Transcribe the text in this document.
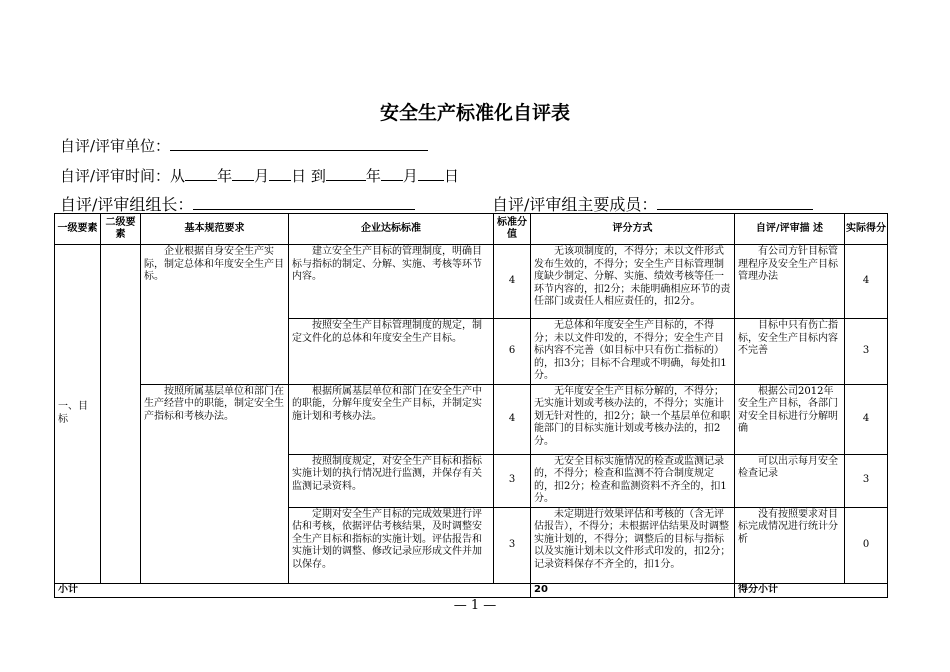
安全生产标准化自评表
自评/评审单位：
自评/评审时间：从 年 月 日 到	年 月 日
自评/评审组组长：	自评/评审组主要成员：
一级要素	二级要素	基本规范要求	企业达标标准	标准分值	评分方式	自评/评审描 述	实际得分	
一、目标		企业根据自身安全生产实际，制定总体和年度安全生产目标。	建立安全生产目标的管理制度，明确目标与指标的制定、分解、实施、考核等环节内容。	4	无该项制度的，不得分；未以文件形式发布生效的，不得分；安全生产目标管理制度缺少制定、分解、实施、绩效考核等任一环节内容的，扣2分；未能明确相应环节的责任部门或责任人相应责任的，扣2分。	有公司方针目标管理程序及安全生产目标管理办法	4	
			按照安全生产目标管理制度的规定，制定文件化的总体和年度安全生产目标。	6	无总体和年度安全生产目标的，不得分；未以文件印发的，不得分；安全生产目标内容不完善（如目标中只有伤亡指标的）的，扣3分；目标不合理或不明确，每处扣1分。	目标中只有伤亡指标，安全生产目标内容不完善	3	
		按照所属基层单位和部门在生产经营中的职能，制定安全生产指标和考核办法。	根据所属基层单位和部门在安全生产中的职能，分解年度安全生产目标，并制定实施计划和考核办法。	4	无年度安全生产目标分解的，不得分；无实施计划或考核办法的，不得分；实施计划无针对性的，扣2分；缺一个基层单位和职能部门的目标实施计划或考核办法的，扣2分。	根据公司2012年安全生产目标，各部门对安全目标进行分解明确	4	
			按照制度规定，对安全生产目标和指标实施计划的执行情况进行监测，并保存有关监测记录资料。	3	无安全目标实施情况的检查或监测记录的，不得分；检查和监测不符合制度规定的，扣2分；检查和监测资料不齐全的，扣1分。	可以出示每月安全检查记录	3	
			定期对安全生产目标的完成效果进行评估和考核，依据评估考核结果，及时调整安全生产目标和指标的实施计划。评估报告和实施计划的调整、修改记录应形成文件并加以保存。	3	未定期进行效果评估和考核的（含无评估报告），不得分；未根据评估结果及时调整实施计划的，不得分；调整后的目标与指标以及实施计划未以文件形式印发的，扣2分；记录资料保存不齐全的，扣1分。	没有按照要求对目标完成情况进行统计分析	0	
小计					20	得分小计	
— 1 —
